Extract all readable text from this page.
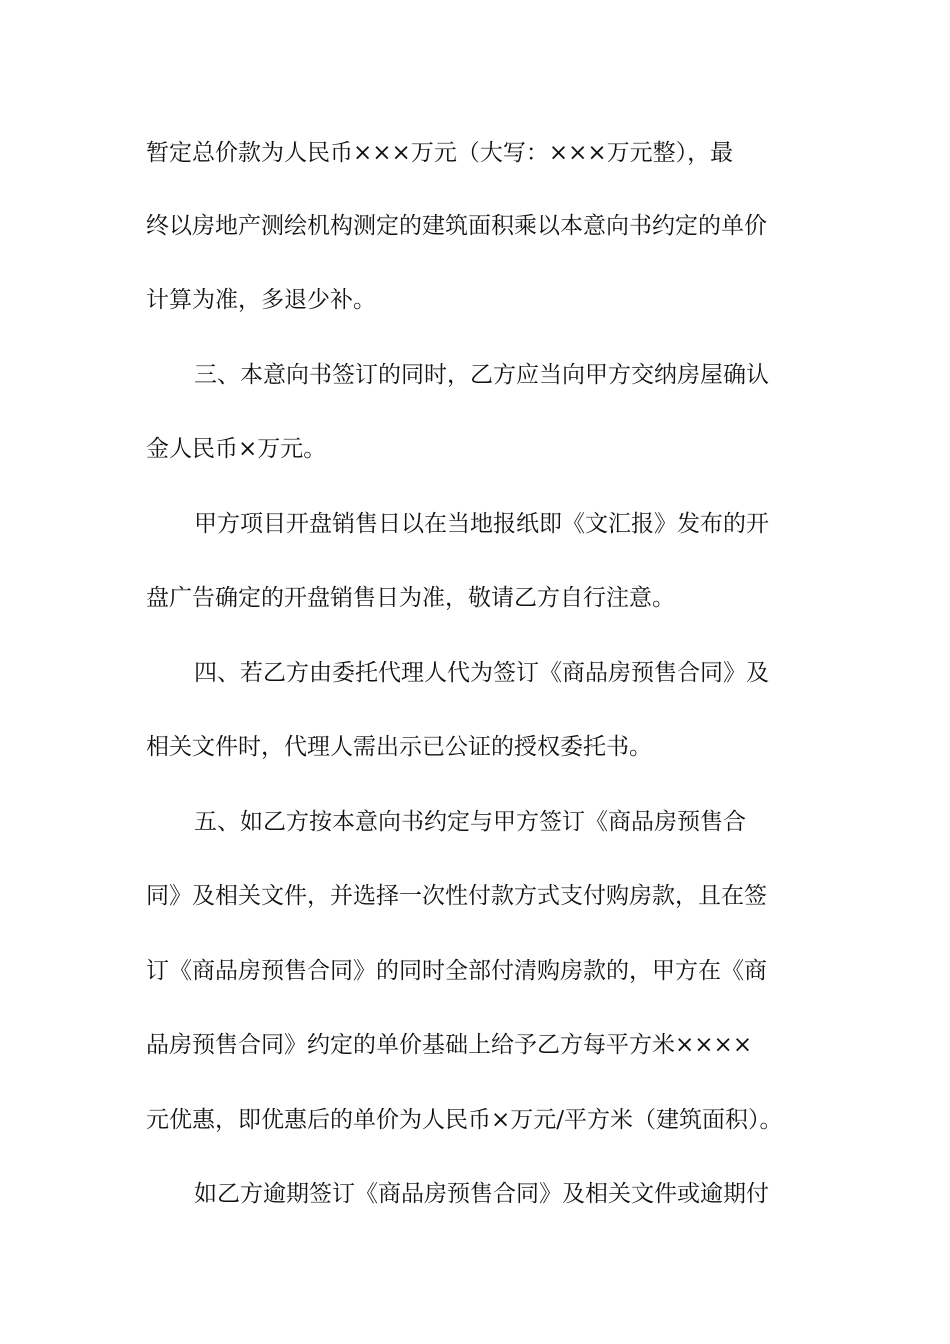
暂定总价款为人民币×××万元（大写：×××万元整），最
终以房地产测绘机构测定的建筑面积乘以本意向书约定的单价
计算为准，多退少补。
三、本意向书签订的同时，乙方应当向甲方交纳房屋确认
金人民币×万元。
甲方项目开盘销售日以在当地报纸即《文汇报》发布的开
盘广告确定的开盘销售日为准，敬请乙方自行注意。
四、若乙方由委托代理人代为签订《商品房预售合同》及
相关文件时，代理人需出示已公证的授权委托书。
五、如乙方按本意向书约定与甲方签订《商品房预售合
同》及相关文件，并选择一次性付款方式支付购房款，且在签
订《商品房预售合同》的同时全部付清购房款的，甲方在《商
品房预售合同》约定的单价基础上给予乙方每平方米××××
元优惠，即优惠后的单价为人民币×万元/平方米（建筑面积）。
如乙方逾期签订《商品房预售合同》及相关文件或逾期付
